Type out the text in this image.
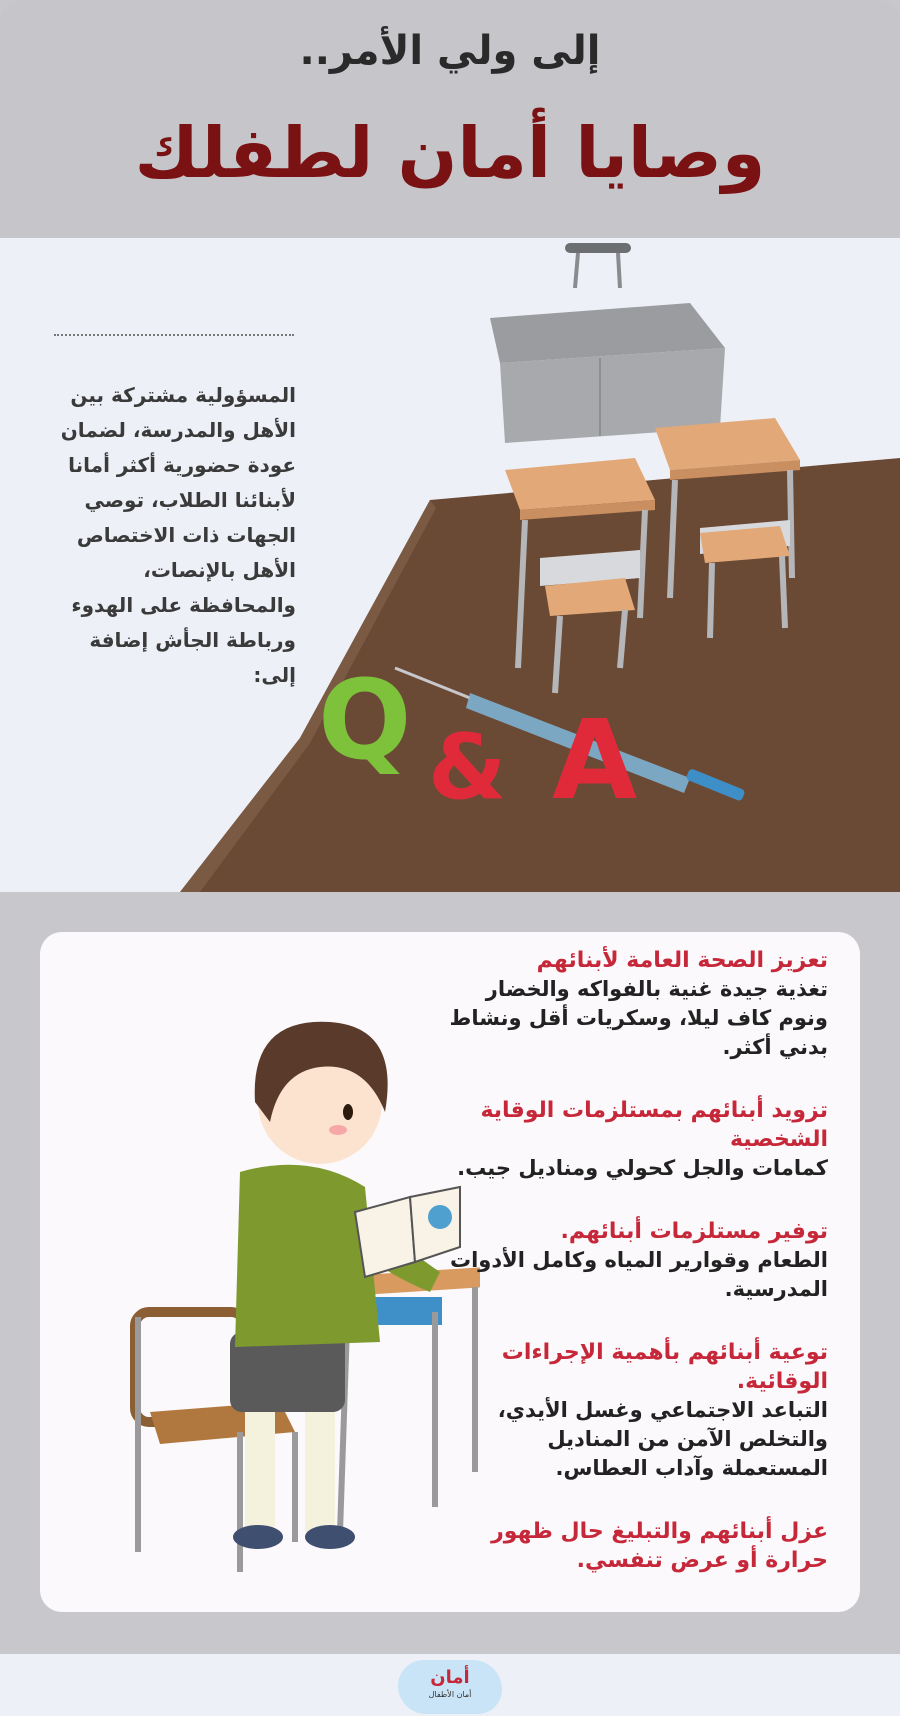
إلى ولي الأمر..
وصايا أمان لطفلك
Q & A
المسؤولية مشتركة بين الأهل والمدرسة، لضمان عودة حضورية أكثر أمانا لأبنائنا الطلاب، توصي الجهات ذات الاختصاص الأهل بالإنصات، والمحافظة على الهدوء ورباطة الجأش إضافة إلى:
تعزيز الصحة العامة لأبنائهم
تغذية جيدة غنية بالفواكه والخضار ونوم كاف ليلا، وسكريات أقل ونشاط بدني أكثر.
تزويد أبنائهم بمستلزمات الوقاية الشخصية
كمامات والجل كحولي ومناديل جيب.
توفير مستلزمات أبنائهم.
الطعام وقوارير المياه وكامل الأدوات المدرسية.
توعية أبنائهم بأهمية الإجراءات الوقائية.
التباعد الاجتماعي وغسل الأيدي، والتخلص الآمن من المناديل المستعملة وآداب العطاس.
عزل أبنائهم والتبليغ حال ظهور حرارة أو عرض تنفسي.
أمان
أمان الأطفال
